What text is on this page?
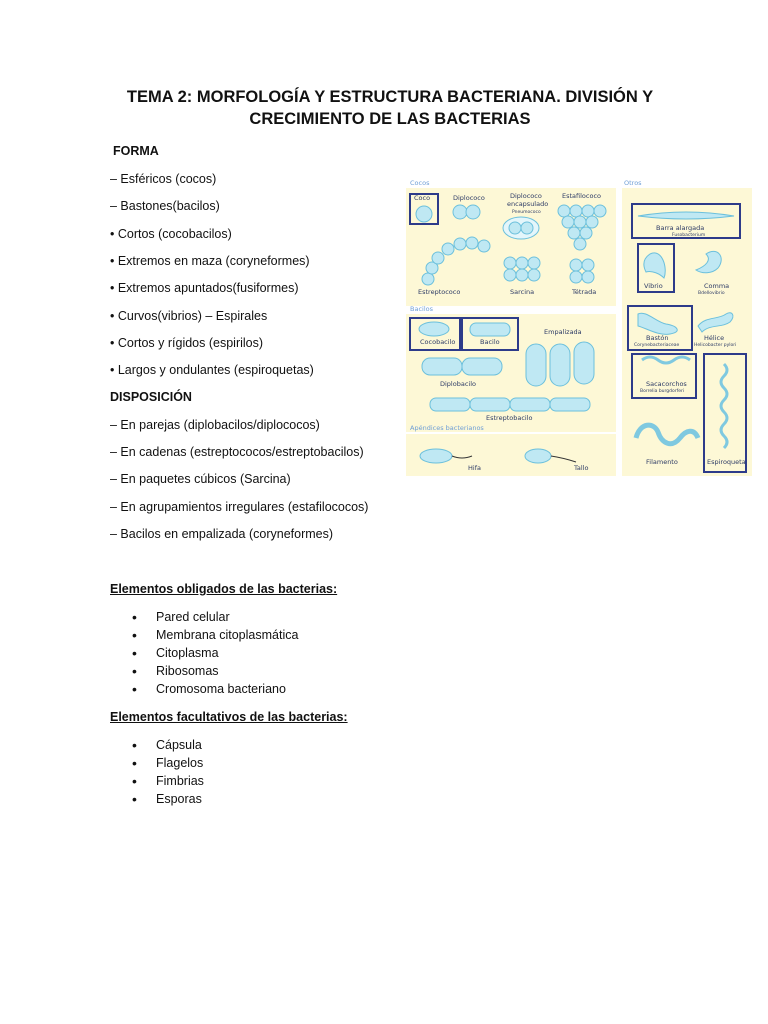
TEMA 2: MORFOLOGÍA Y ESTRUCTURA BACTERIANA. DIVISIÓN Y
CRECIMIENTO DE LAS BACTERIAS
FORMA
– Esféricos (cocos)
– Bastones(bacilos)
• Cortos (cocobacilos)
• Extremos en maza (coryneformes)
• Extremos apuntados(fusiformes)
• Curvos(vibrios) – Espirales
• Cortos y rígidos (espirilos)
• Largos y ondulantes (espiroquetas)
DISPOSICIÓN
– En parejas (diplobacilos/diplococos)
– En cadenas (estreptococos/estreptobacilos)
– En paquetes cúbicos (Sarcina)
– En agrupamientos irregulares (estafilococos)
– Bacilos en empalizada (coryneformes)
Elementos obligados de las bacterias:
• Pared celular
• Membrana citoplasmática
• Citoplasma
• Ribosomas
• Cromosoma bacteriano
Elementos facultativos de las bacterias:
• Cápsula
• Flagelos
• Fimbrias
• Esporas
Cocos
Bacilos
Apéndices bacterianos
Otros
Coco	Diplococo	Diplococo
encapsulado
Pneumococo
Estafilococo
Estreptococo	Sarcina	Tétrada
Cocobacilo	Bacilo
Empalizada
Diplobacilo
Estreptobacilo
Hifa	Tallo
Barra alargada
Fusobacterium
Vibrio	Comma
Bdellovibrio
Bastón
Corynebacteriaceae
Hélice
Helicobacter pylori
Sacacorchos
Borrelia burgdorferi
Filamento	Espiroqueta
